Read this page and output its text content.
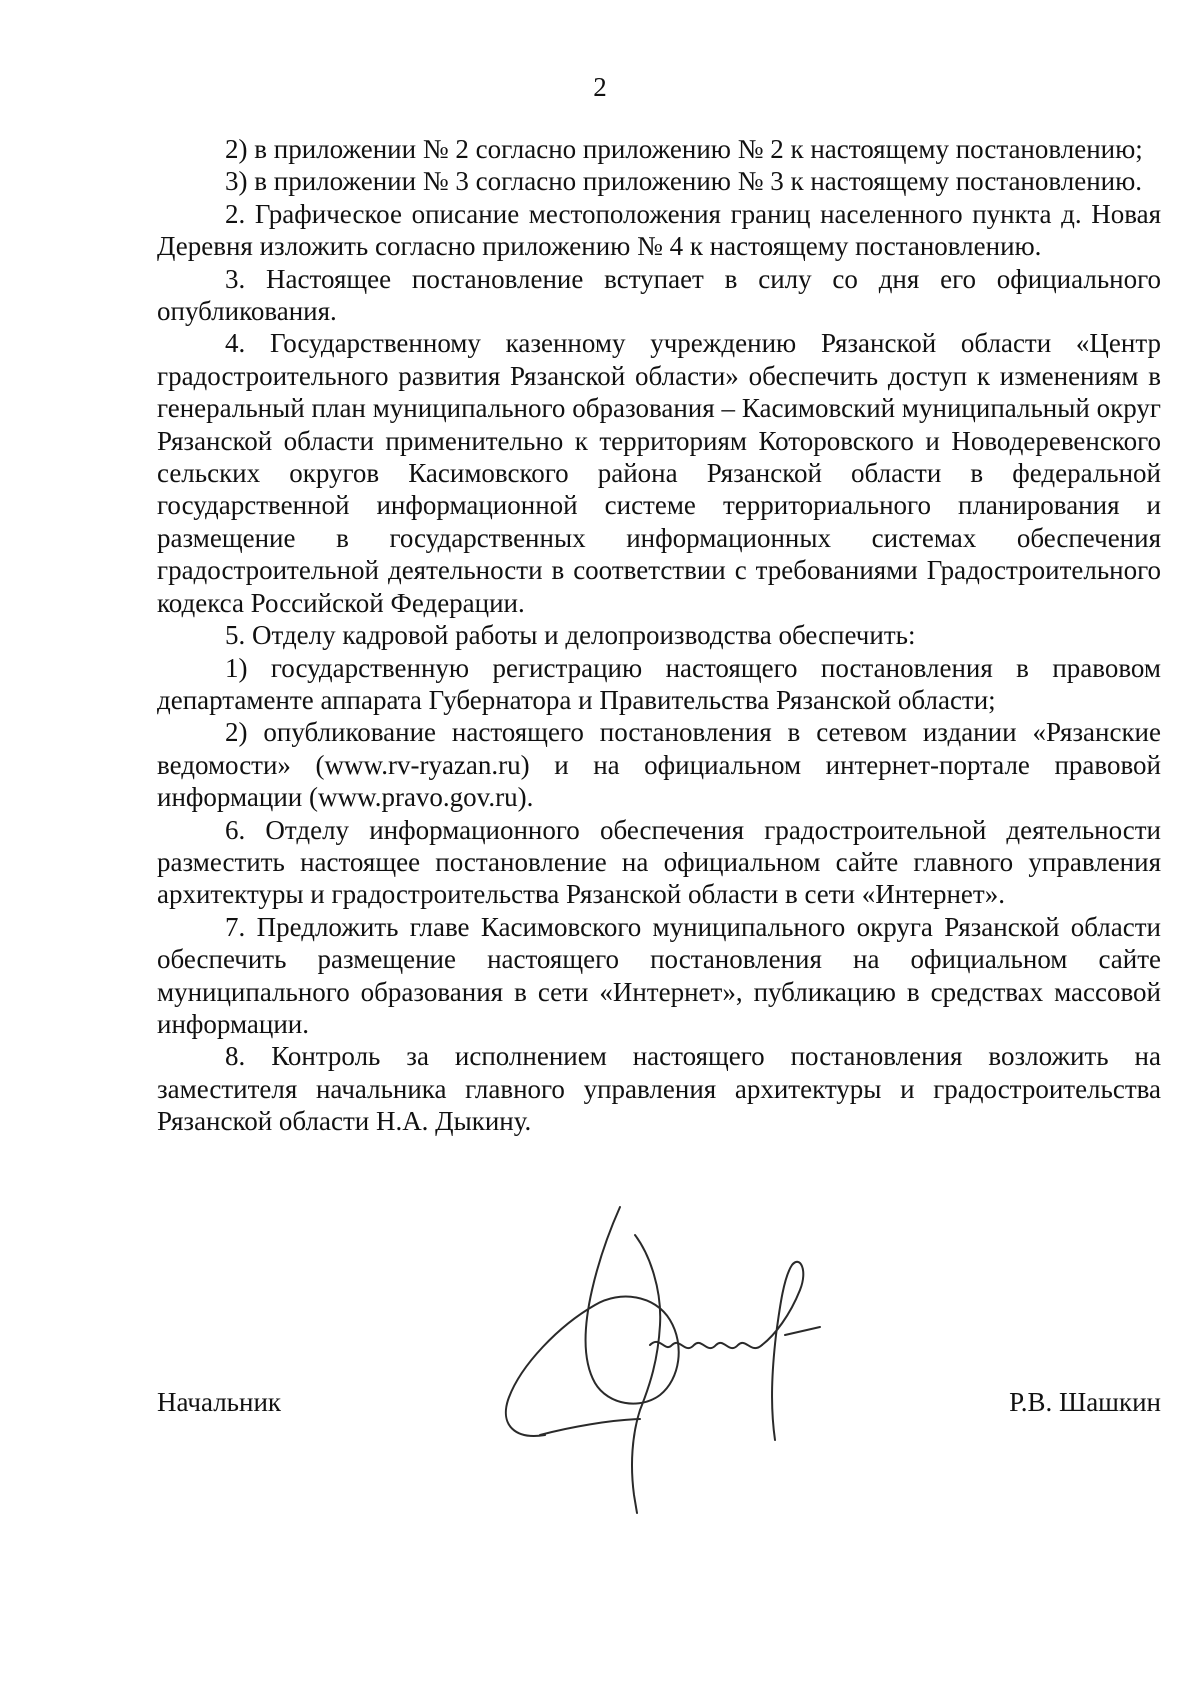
2

2) в приложении № 2 согласно приложению № 2 к настоящему постановлению;

3) в приложении № 3 согласно приложению № 3 к настоящему постановлению.

2. Графическое описание местоположения границ населенного пункта д. Новая Деревня изложить согласно приложению № 4 к настоящему постановлению.

3. Настоящее постановление вступает в силу со дня его официального опубликования.

4. Государственному казенному учреждению Рязанской области «Центр градостроительного развития Рязанской области» обеспечить доступ к изменениям в генеральный план муниципального образования – Касимовский муниципальный округ Рязанской области применительно к территориям Которовского и Новодеревенского сельских округов Касимовского района Рязанской области в федеральной государственной информационной системе территориального планирования и размещение в государственных информационных системах обеспечения градостроительной деятельности в соответствии с требованиями Градостроительного кодекса Российской Федерации.

5. Отделу кадровой работы и делопроизводства обеспечить:

1) государственную регистрацию настоящего постановления в правовом департаменте аппарата Губернатора и Правительства Рязанской области;

2) опубликование настоящего постановления в сетевом издании «Рязанские ведомости» (www.rv-ryazan.ru) и на официальном интернет-портале правовой информации (www.pravo.gov.ru).

6. Отделу информационного обеспечения градостроительной деятельности разместить настоящее постановление на официальном сайте главного управления архитектуры и градостроительства Рязанской области в сети «Интернет».

7. Предложить главе Касимовского муниципального округа Рязанской области обеспечить размещение настоящего постановления на официальном сайте муниципального образования в сети «Интернет», публикацию в средствах массовой информации.

8. Контроль за исполнением настоящего постановления возложить на заместителя начальника главного управления архитектуры и градостроительства Рязанской области Н.А. Дыкину.

Начальник	Р.В. Шашкин
